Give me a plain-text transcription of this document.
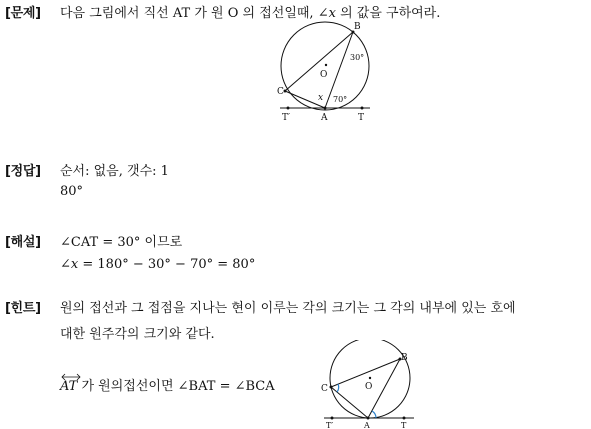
[문제] 다음 그림에서 직선 AT 가 원 O 의 접선일때, ∠x 의 값을 구하여라.
B
C
O
T′	A	T
x 70°
30°
[정답] 순서: 없음, 갯수: 1
80°
[해설] ∠CAT = 30° 이므로
∠x = 180° − 30° − 70° = 80°
[힌트] 원의 접선과 그 접점을 지나는 현이 이루는 각의 크기는 그 각의 내부에 있는 호에
대한 원주각의 크기와 같다.
AT 가 원의접선이면 ∠BAT = ∠BCA
B
C	O
T′	A	T
